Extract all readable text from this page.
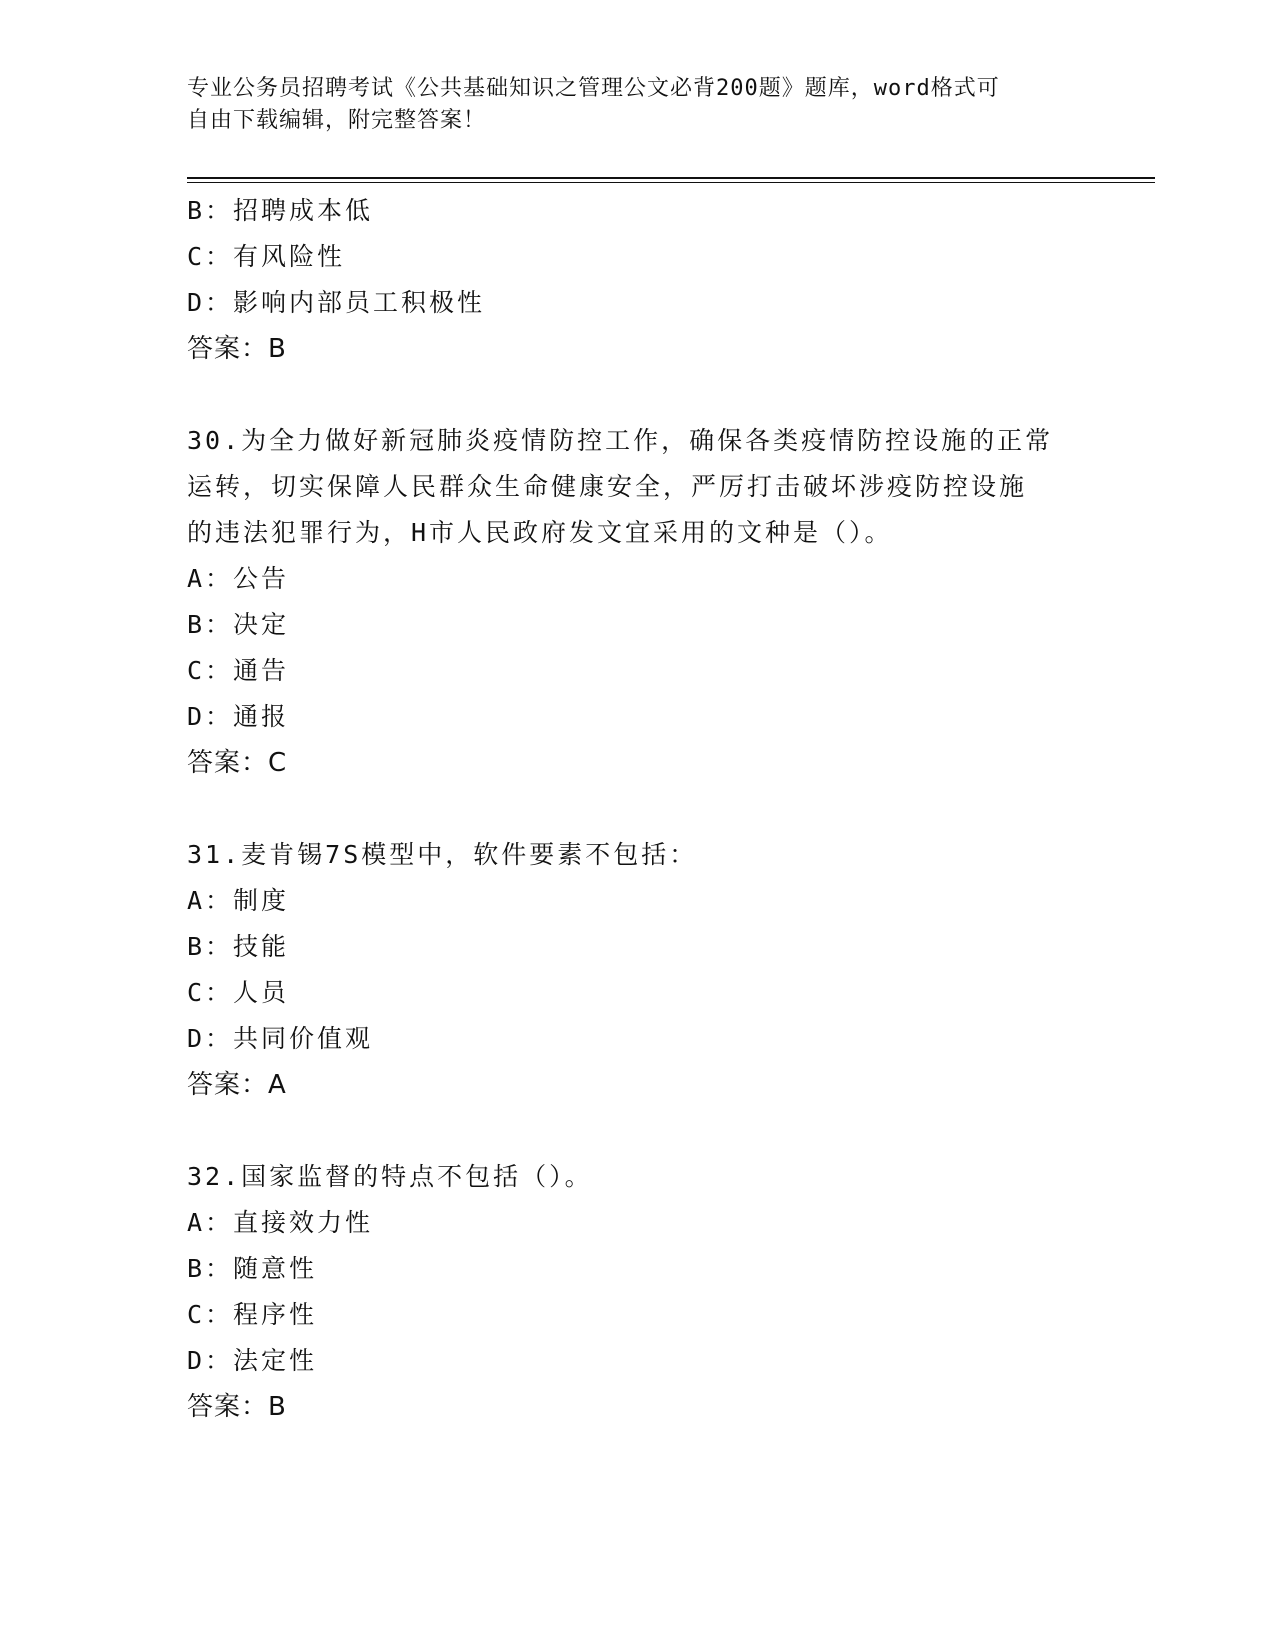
专业公务员招聘考试《公共基础知识之管理公文必背200题》题库，word格式可
自由下载编辑，附完整答案！
B：招聘成本低
C：有风险性
D：影响内部员工积极性
答案：B
30.为全力做好新冠肺炎疫情防控工作，确保各类疫情防控设施的正常
运转，切实保障人民群众生命健康安全，严厉打击破坏涉疫防控设施
的违法犯罪行为，H市人民政府发文宜采用的文种是（）。
A：公告
B：决定
C：通告
D：通报
答案：C
31.麦肯锡7S模型中，软件要素不包括：
A：制度
B：技能
C：人员
D：共同价值观
答案：A
32.国家监督的特点不包括（）。
A：直接效力性
B：随意性
C：程序性
D：法定性
答案：B
